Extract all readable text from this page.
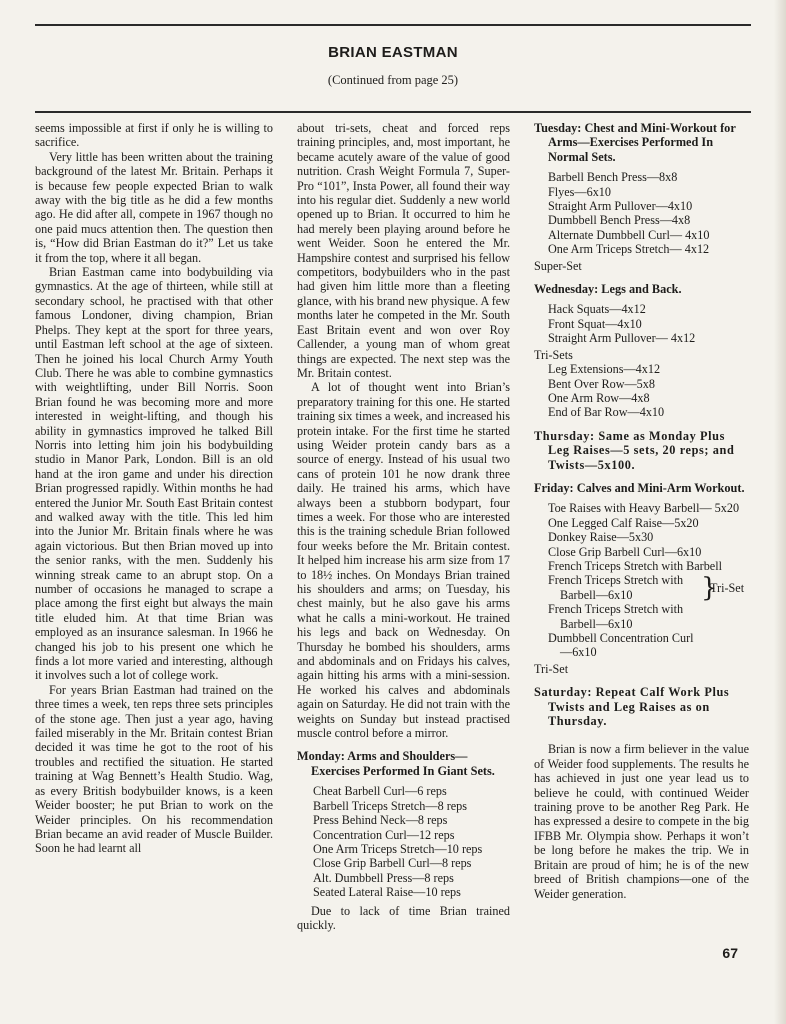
BRIAN EASTMAN
(Continued from page 25)

seems impossible at first if only he is willing to sacrifice.

Very little has been written about the training background of the latest Mr. Britain. Perhaps it is because few people expected Brian to walk away with the big title as he did a few months ago. He did after all, compete in 1967 though no one paid mucs attention then. The question then is, “How did Brian Eastman do it?” Let us take it from the top, where it all began.

Brian Eastman came into bodybuilding via gymnastics. At the age of thirteen, while still at secondary school, he practised with that other famous Londoner, diving champion, Brian Phelps. They kept at the sport for three years, until Eastman left school at the age of sixteen. Then he joined his local Church Army Youth Club. There he was able to combine gymnastics with weightlifting, under Bill Norris. Soon Brian found he was becoming more and more interested in weight-lifting, and though his ability in gymnastics improved he talked Bill Norris into letting him join his bodybuilding studio in Manor Park, London. Bill is an old hand at the iron game and under his direction Brian progressed rapidly. Within months he had entered the Junior Mr. South East Britain contest and walked away with the title. This led him into the Junior Mr. Britain finals where he was again victorious. But then Brian moved up into the senior ranks, with the men. Suddenly his winning streak came to an abrupt stop. On a number of occasions he managed to scrape a place among the first eight but always the main title eluded him. At that time Brian was employed as an insurance salesman. In 1966 he changed his job to his present one which he finds a lot more varied and interesting, although it involves such a lot of college work.

For years Brian Eastman had trained on the three times a week, ten reps three sets principles of the stone age. Then just a year ago, having failed miserably in the Mr. Britain contest Brian decided it was time he got to the root of his troubles and rectified the situation. He started training at Wag Bennett’s Health Studio. Wag, as every British bodybuilder knows, is a keen Weider booster; he put Brian to work on the Weider principles. On his recommendation Brian became an avid reader of Muscle Builder. Soon he had learnt all

about tri-sets, cheat and forced reps training principles, and, most important, he became acutely aware of the value of good nutrition. Crash Weight Formula 7, Super-Pro “101”, Insta Power, all found their way into his regular diet. Suddenly a new world opened up to Brian. It occurred to him he had merely been playing around before he went Weider. Soon he entered the Mr. Hampshire contest and surprised his fellow competitors, bodybuilders who in the past had given him little more than a fleeting glance, with his brand new physique. A few months later he competed in the Mr. South East Britain event and won over Roy Callender, a young man of whom great things are expected. The next step was the Mr. Britain contest.

A lot of thought went into Brian’s preparatory training for this one. He started training six times a week, and increased his protein intake. For the first time he started using Weider protein candy bars as a source of energy. Instead of his usual two cans of protein 101 he now drank three daily. He trained his arms, which have always been a stubborn bodypart, four times a week. For those who are interested this is the training schedule Brian followed four weeks before the Mr. Britain contest. It helped him increase his arm size from 17 to 18½ inches. On Mondays Brian trained his shoulders and arms; on Tuesday, his chest mainly, but he also gave his arms what he calls a mini-workout. He trained his legs and back on Wednesday. On Thursday he bombed his shoulders, arms and abdominals and on Fridays his calves, again hitting his arms with a mini-session. He worked his calves and abdominals again on Saturday. He did not train with the weights on Sunday but instead practised muscle control before a mirror.

Monday: Arms and Shoulders—Exercises Performed In Giant Sets.
Cheat Barbell Curl—6 reps
Barbell Triceps Stretch—8 reps
Press Behind Neck—8 reps
Concentration Curl—12 reps
One Arm Triceps Stretch—10 reps
Close Grip Barbell Curl—8 reps
Alt. Dumbbell Press—8 reps
Seated Lateral Raise—10 reps

Due to lack of time Brian trained quickly.

Tuesday: Chest and Mini-Workout for Arms—Exercises Performed In Normal Sets.
Barbell Bench Press—8x8
Flyes—6x10
Straight Arm Pullover—4x10
Dumbbell Bench Press—4x8
Alternate Dumbbell Curl— 4x10
One Arm Triceps Stretch— 4x12
Super-Set
Wednesday: Legs and Back.
Hack Squats—4x12
Front Squat—4x10
Straight Arm Pullover— 4x12
Tri-Sets
Leg Extensions—4x12
Bent Over Row—5x8
One Arm Row—4x8
End of Bar Row—4x10
Thursday: Same as Monday Plus Leg Raises—5 sets, 20 reps; and Twists—5x100.
Friday: Calves and Mini-Arm Workout.
Toe Raises with Heavy Barbell— 5x20
One Legged Calf Raise—5x20
Donkey Raise—5x30
Close Grip Barbell Curl—6x10
French Triceps Stretch with Barbell
French Triceps Stretch with Barbell—6x10
French Triceps Stretch with Barbell—6x10
Dumbbell Concentration Curl—6x10
}
Tri-Set
Tri-Set
Saturday: Repeat Calf Work Plus Twists and Leg Raises as on Thursday.

Brian is now a firm believer in the value of Weider food supplements. The results he has achieved in just one year lead us to believe he could, with continued Weider training prove to be another Reg Park. He has expressed a desire to compete in the big IFBB Mr. Olympia show. Perhaps it won’t be long before he makes the trip. We in Britain are proud of him; he is of the new breed of British champions—one of the Weider generation.

67
